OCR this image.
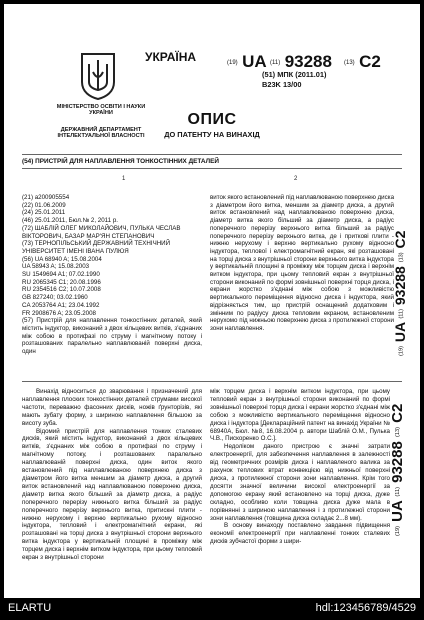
МІНІСТЕРСТВО ОСВІТИ І НАУКИ УКРАЇНИ
ДЕРЖАВНИЙ ДЕПАРТАМЕНТ ІНТЕЛЕКТУАЛЬНОЇ ВЛАСНОСТІ
УКРАЇНА	(19) UA (11) 93288 (13) C2
(51) МПК (2011.01)
B23K 13/00
ОПИС
ДО ПАТЕНТУ НА ВИНАХІД
(54) ПРИСТРІЙ ДЛЯ НАПЛАВЛЕННЯ ТОНКОСТІННИХ ДЕТАЛЕЙ
1	2
(21) а200905554
(22) 01.06.2009
(24) 25.01.2011
(46) 25.01.2011, Бюл.№ 2, 2011 р.
(72) ШАБЛІЙ ОЛЕГ МИКОЛАЙОВИЧ, ПУЛЬКА ЧЕСЛАВ ВІКТОРОВИЧ, БАЗАР МАР'ЯН СТЕПАНОВИЧ
(73) ТЕРНОПІЛЬСЬКИЙ ДЕРЖАВНИЙ ТЕХНІЧНИЙ УНІВЕРСИТЕТ ІМЕНІ ІВАНА ПУЛЮЯ
(56) UA 68940 A; 15.08.2004
UA 58943 A; 15.08.2003
SU 1549694 A1; 07.02.1990
RU 2065345 C1; 20.08.1996
RU 2354516 C2; 10.07.2008
GB 827240; 03.02.1960
CA 2053764 A1; 23.04.1992
FR 2908676 A; 23.05.2008
(57) Пристрій для наплавлення тонкостінних деталей, який містить індуктор, виконаний з двох кільцевих витків, з'єднаних між собою в протифазі по струму і магнітному потоку і розташованих паралельно наплавлюваній поверхні диска, один
виток якого встановлений під наплавлюваною поверхнею диска з діаметром його витка, меншим за діаметр диска, а другий виток встановлений над наплавлюваною поверхнею диска, діаметр витка якого більший за діаметр диска, а радіус поперечного перерізу верхнього витка більший за радіус поперечного перерізу верхнього витка, де і приткові плити - нижню нерухому і верхню вертикально рухому відносно індуктора, теплової і електромагнітний екран, які розташовані на торці диска з внутрішньої сторони верхнього витка індуктора у вертикальній площині в проміжку між торцем диска і верхнім витком індуктора, при цьому тепловий екран з внутрішньої сторони виконаний по формі зовнішньої поверхні торця диска, і екрани жорстко з'єднані між собою з можливістю вертикального переміщення відносно диска і індуктора, який відрізняється тим, що пристрій оснащений додатковим і змінним по радіусу диска тепловим екраном, встановленим нерухомо під нижньою поверхнею диска з протилежної сторони зони наплавлення.

Винахід відноситься до зварювання і призначений для наплавлення плоских тонкостінних деталей струмами високої частоти, переважно фасонних дисків, ножів ґрунторізів, які мають зубату форму, з шириною наплавлення більшою за висоту зуба.

Відомий пристрій для наплавлення тонких сталевих дисків, який містить індуктор, виконаний з двох кільцевих витків, з'єднаних між собою в протифазі по струму і магнітному потоку, і розташованих паралельно наплавлюваній поверхні диска, один виток якого встановлений під наплавлюваною поверхнею диска з діаметром його витка меншим за діаметр диска, а другий виток встановлений над наплавлюваною поверхнею диска, діаметр витка якого більший за діаметр диска, а радіус поперечного перерізу нижнього витка більший за радіус поперечного перерізу верхнього витка, притискні плити - нижню нерухому і верхню вертикально рухому відносно індуктора, тепловий і електромагнітний екрани, які розташовані на торці диска з внутрішньої сторони верхнього витка індуктора у вертикальній площині в проміжку між торцем диска і верхнім витком індуктора, при цьому тепловий екран з внутрішньої сторони

між торцем диска і верхнім витком індуктора, при цьому тепловий екран з внутрішньої сторони виконаний по формі зовнішньої поверхні торця диска і екрани жорстко з'єднані між собою з можливістю вертикального переміщення відносно диска і індуктора [Деклараційний патент на винахід України № 68940А, Бюл. №8, 16.08.2004 р. автори Шаблій О.М., Пулька Ч.В., Пискоренко О.С.].

Недоліком даного пристрою є значні затрати електроенергії, для забезпечення наплавлення в залежності від геометричних розмірів диска і наплавленого валика за рахунок теплових втрат конвекцією від нижньої поверхні диска, з протилежної сторони зони наплавлення. Крім того досягти значної величини високої електроенергії за допомогою екрану який встановлено на торці диска, дуже складно, особливо коли товщина диска дуже мала в порівнянні з шириною наплавлення і з протилежної сторони зони наплавлення (товщина диска складає 2...8 мм).

В основу винаходу поставлено завдання підвищення економії електроенергії при наплавленні тонких сталевих дисків зубчастої форми з шири-

(19) UA (11) 93288 (13) C2
(19) UA (11) 93288 (13) C2
ELARTU	hdl:123456789/4529
